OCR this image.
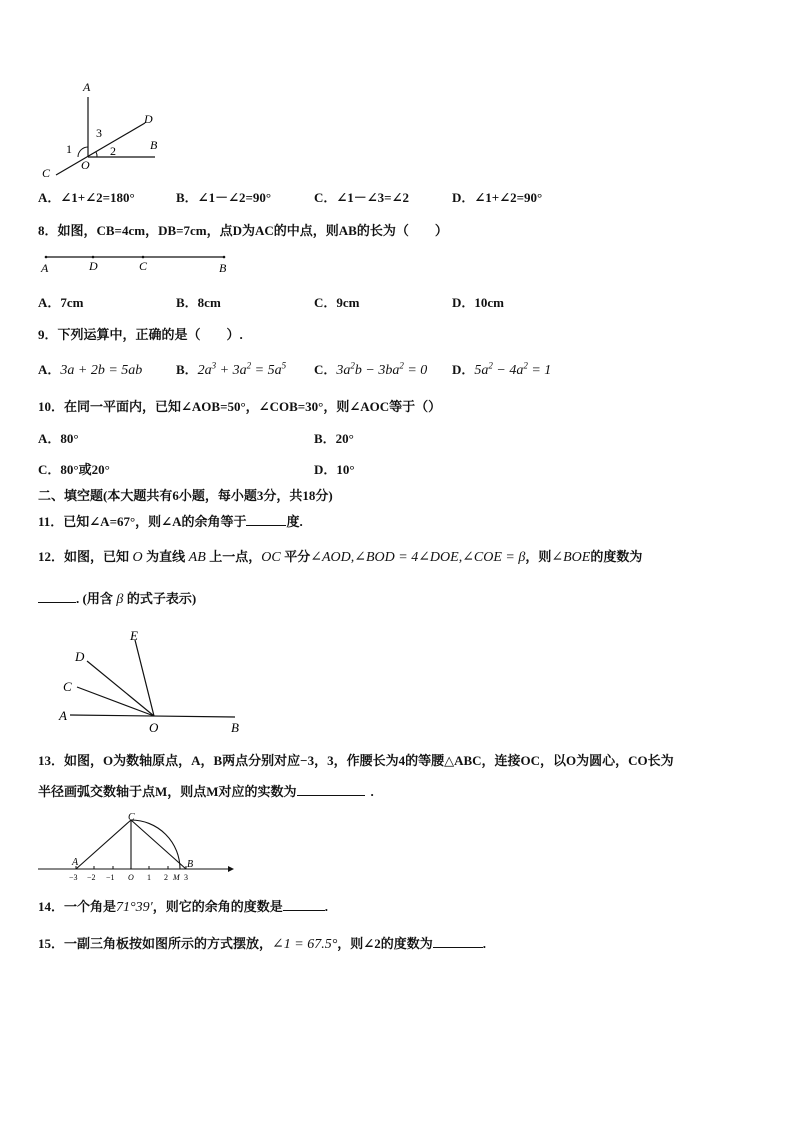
A
D
B
C
O
1	2
3
A．∠1+∠2=180°	B．∠1－∠2=90°	C．∠1－∠3=∠2	D．∠1+∠2=90°
8．如图，CB=4cm，DB=7cm，点D为AC的中点，则AB的长为（　　）
A	D	C	B
A．7cm	B．8cm	C．9cm	D．10cm
9．下列运算中，正确的是（　　）.
A．3a + 2b = 5ab	B．$2a^3 + 3a^2 = 5a^5$ C．$3a^2b - 3ba^2 = 0$ D．$5a^2 - 4a^2 = 1$
10．在同一平面内，已知∠AOB=50°，∠COB=30°，则∠AOC等于（）
A．80°	B．20°
C．80°或20°	D．10°
二、填空题(本大题共有6小题，每小题3分，共18分)
11．已知∠A=67°，则∠A的余角等于	度.
12．如图，已知 O 为直线 AB 上一点，OC 平分∠AOD,∠BOD = 4∠DOE,∠COE = β，则∠BOE的度数为
. (用含 β 的式子表示)
E
D
C
A
O	B
13．如图，O为数轴原点，A，B两点分别对应−3，3，作腰长为4的等腰△ABC，连接OC，以O为圆心，CO长为
半径画弧交数轴于点M，则点M对应的实数为	.
C
A	B
−3 −2 −1 O 1 2 M 3
14．一个角是71°39′，则它的余角的度数是	.
15．一副三角板按如图所示的方式摆放，∠1 = 67.5°，则∠2的度数为	.
